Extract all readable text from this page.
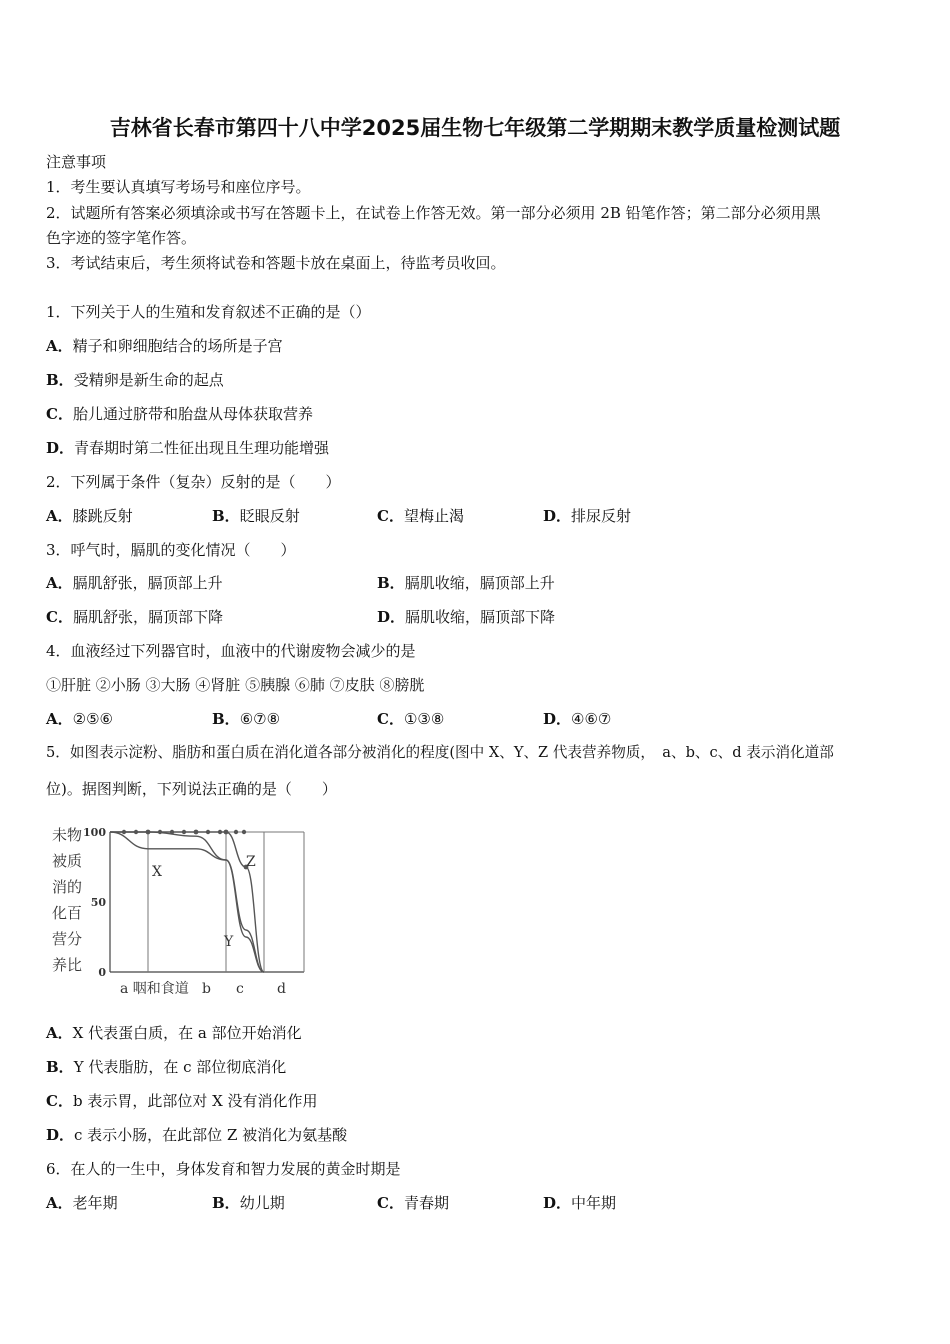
吉林省长春市第四十八中学2025届生物七年级第二学期期末教学质量检测试题
注意事项
1．考生要认真填写考场号和座位序号。
2．试题所有答案必须填涂或书写在答题卡上，在试卷上作答无效。第一部分必须用 2B 铅笔作答；第二部分必须用黑
色字迹的签字笔作答。
3．考试结束后，考生须将试卷和答题卡放在桌面上，待监考员收回。
1．下列关于人的生殖和发育叙述不正确的是（）
A．精子和卵细胞结合的场所是子宫
B．受精卵是新生命的起点
C．胎儿通过脐带和胎盘从母体获取营养
D．青春期时第二性征出现且生理功能增强
2．下列属于条件（复杂）反射的是（　　）
A．膝跳反射	B．眨眼反射	C．望梅止渴	D．排尿反射
3．呼气时，膈肌的变化情况（　　）
A．膈肌舒张，膈顶部上升	B．膈肌收缩，膈顶部上升
C．膈肌舒张，膈顶部下降	D．膈肌收缩，膈顶部下降
4．血液经过下列器官时，血液中的代谢废物会减少的是
①肝脏 ②小肠 ③大肠 ④肾脏 ⑤胰腺 ⑥肺 ⑦皮肤 ⑧膀胱
A．②⑤⑥	B．⑥⑦⑧	C．①③⑧	D．④⑥⑦
5．如图表示淀粉、脂肪和蛋白质在消化道各部分被消化的程度(图中 X、Y、Z 代表营养物质，　a、b、c、d 表示消化道部
位)。据图判断，下列说法正确的是（　　）
100
50
0
未
被
消
化
营
养
物
质
的
百
分
比
a 咽和食道 b c d
X
Y
Z
A．X 代表蛋白质，在 a 部位开始消化
B．Y 代表脂肪，在 c 部位彻底消化
C．b 表示胃，此部位对 X 没有消化作用
D．c 表示小肠，在此部位 Z 被消化为氨基酸
6．在人的一生中，身体发育和智力发展的黄金时期是
A．老年期	B．幼儿期	C．青春期	D．中年期
